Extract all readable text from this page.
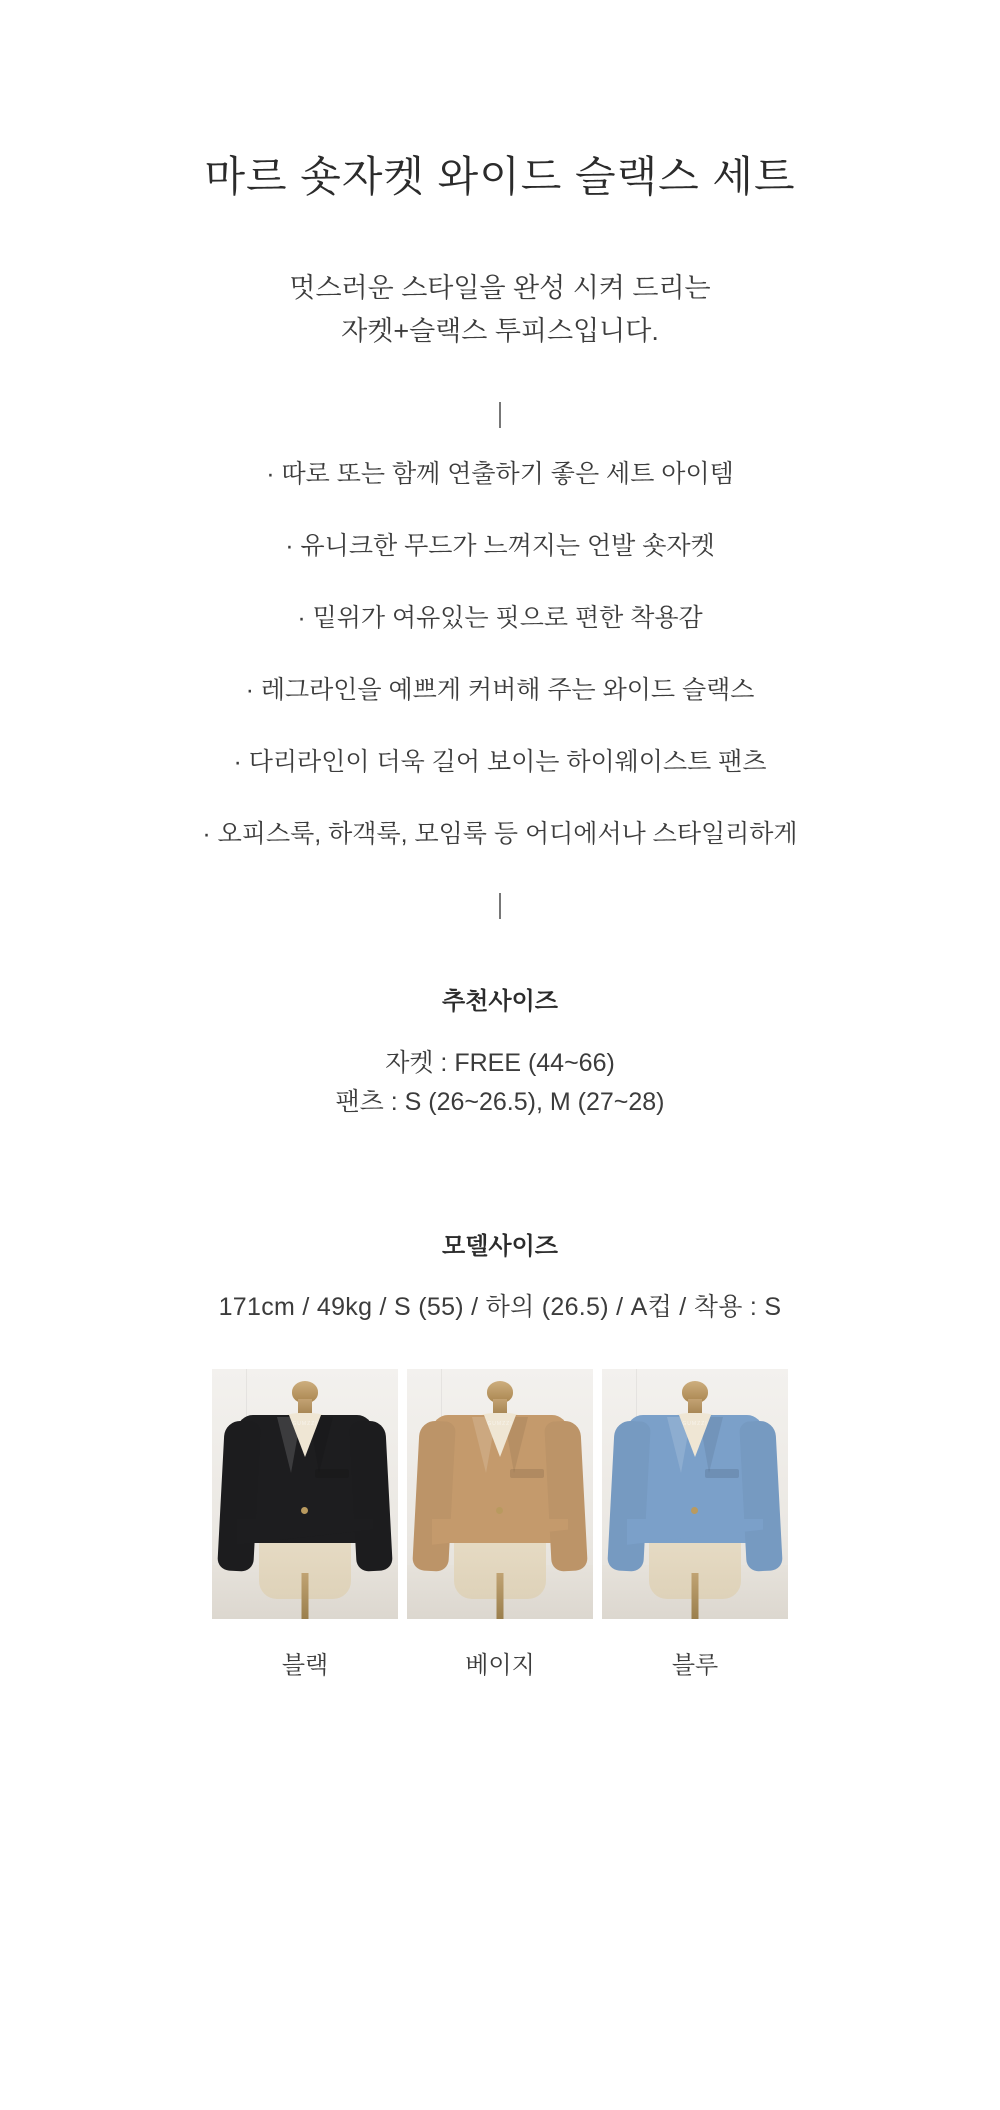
마르 숏자켓 와이드 슬랙스 세트
멋스러운 스타일을 완성 시켜 드리는
자켓+슬랙스 투피스입니다.
· 따로 또는 함께 연출하기 좋은 세트 아이템
· 유니크한 무드가 느껴지는 언발 숏자켓
· 밑위가 여유있는 핏으로 편한 착용감
· 레그라인을 예쁘게 커버해 주는 와이드 슬랙스
· 다리라인이 더욱 길어 보이는 하이웨이스트 팬츠
· 오피스룩, 하객룩, 모임룩 등 어디에서나 스타일리하게
추천사이즈
자켓 : FREE (44~66)
팬츠 : S (26~26.5), M (27~28)
모델사이즈
171cm / 49kg / S (55) / 하의 (26.5) / A컵 / 착용 : S
GUMZZI
블랙
GUMZZI
베이지
GUMZZI
블루
